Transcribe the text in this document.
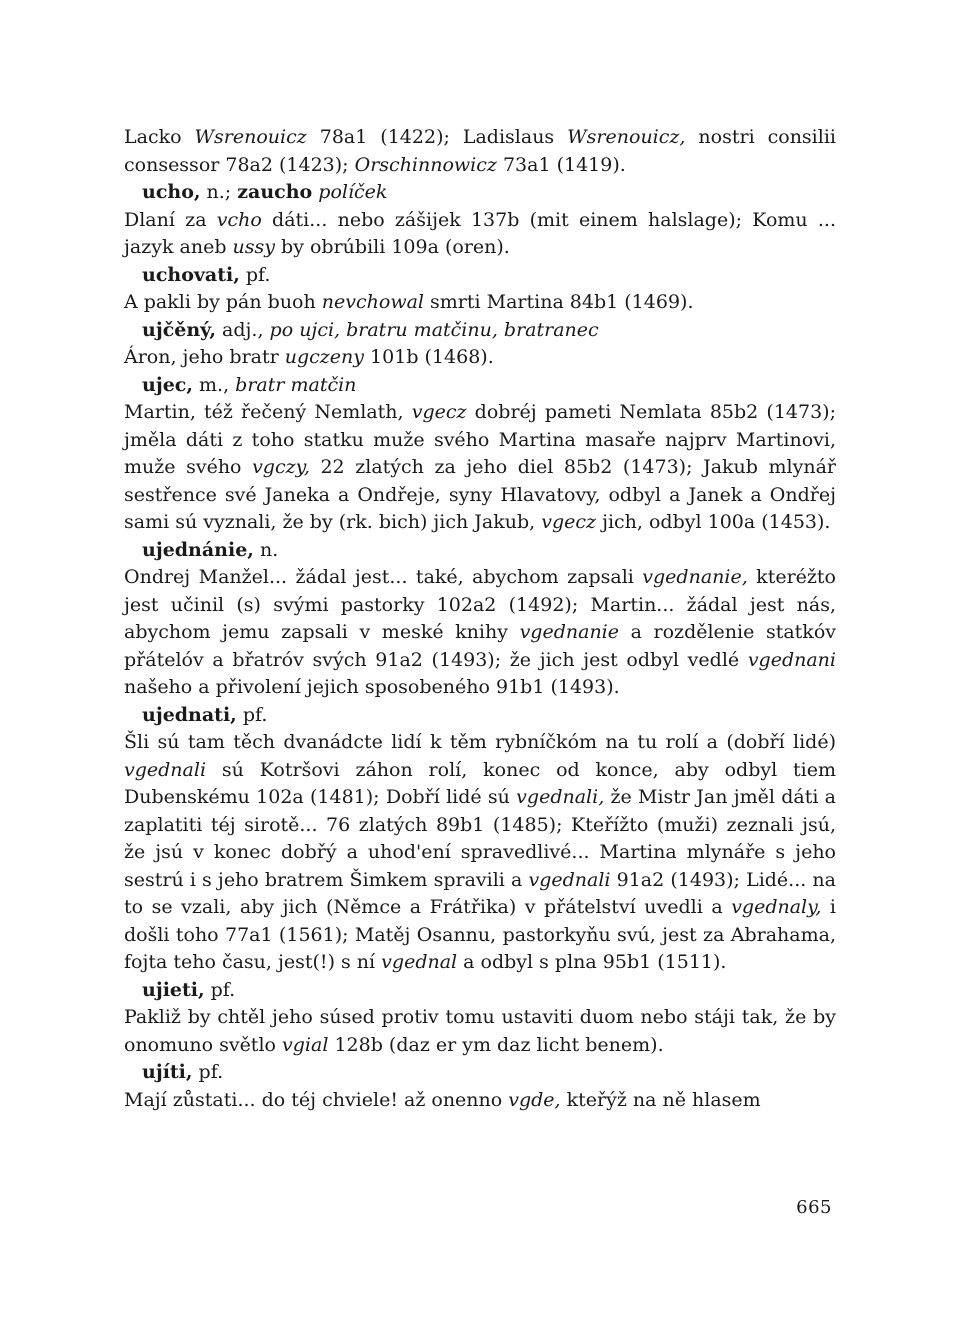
Lacko Wsrenouicz 78a1 (1422); Ladislaus Wsrenouicz, nostri consilii consessor 78a2 (1423); Orschinnowicz 73a1 (1419).

ucho, n.; zaucho políček

Dlaní za vcho dáti... nebo zášijek 137b (mit einem halslage); Komu ... jazyk aneb ussy by obrúbili 109a (oren).

uchovati, pf.

A pakli by pán buoh nevchowal smrti Martina 84b1 (1469).

ujčěný, adj., po ujci, bratru matčinu, bratranec

Áron, jeho bratr ugczeny 101b (1468).

ujec, m., bratr matčin

Martin, též řečený Nemlath, vgecz dobréj pameti Nemlata 85b2 (1473); jměla dáti z toho statku muže svého Martina masaře najprv Martinovi, muže svého vgczy, 22 zlatých za jeho diel 85b2 (1473); Jakub mlynář sestřence své Janeka a Ondřeje, syny Hlavatovy, odbyl a Janek a Ondřej sami sú vyznali, že by (rk. bich) jich Jakub, vgecz jich, odbyl 100a (1453).

ujednánie, n.

Ondrej Manžel... žádal jest... také, abychom zapsali vgednanie, kteréžto jest učinil (s) svými pastorky 102a2 (1492); Martin... žádal jest nás, abychom jemu zapsali v meské knihy vgednanie a rozdělenie statkóv přátelóv a břatróv svých 91a2 (1493); že jich jest odbyl vedlé vgednani našeho a přivolení jejich sposobeného 91b1 (1493).

ujednati, pf.

Šli sú tam těch dvanádcte lidí k těm rybníčkóm na tu rolí a (dobří lidé) vgednali sú Kotršovi záhon rolí, konec od konce, aby odbyl tiem Dubenskému 102a (1481); Dobří lidé sú vgednali, že Mistr Jan jměl dáti a zaplatiti téj sirotě... 76 zlatých 89b1 (1485); Kteřížto (muži) zeznali jsú, že jsú v konec dobřý a uhod'ení spravedlivé... Martina mlynáře s jeho sestrú i s jeho bratrem Šimkem spravili a vgednali 91a2 (1493); Lidé... na to se vzali, aby jich (Němce a Frátřika) v přátelství uvedli a vgednaly, i došli toho 77a1 (1561); Matěj Osannu, pastorkyňu svú, jest za Abrahama, fojta teho času, jest(!) s ní vgednal a odbyl s plna 95b1 (1511).

ujieti, pf.

Pakliž by chtěl jeho súsed protiv tomu ustaviti duom nebo stáji tak, že by onomuno světlo vgial 128b (daz er ym daz licht benem).

ujíti, pf.

Mají zůstati... do téj chviele! až onenno vgde, kteřýž na ně hlasem

665
